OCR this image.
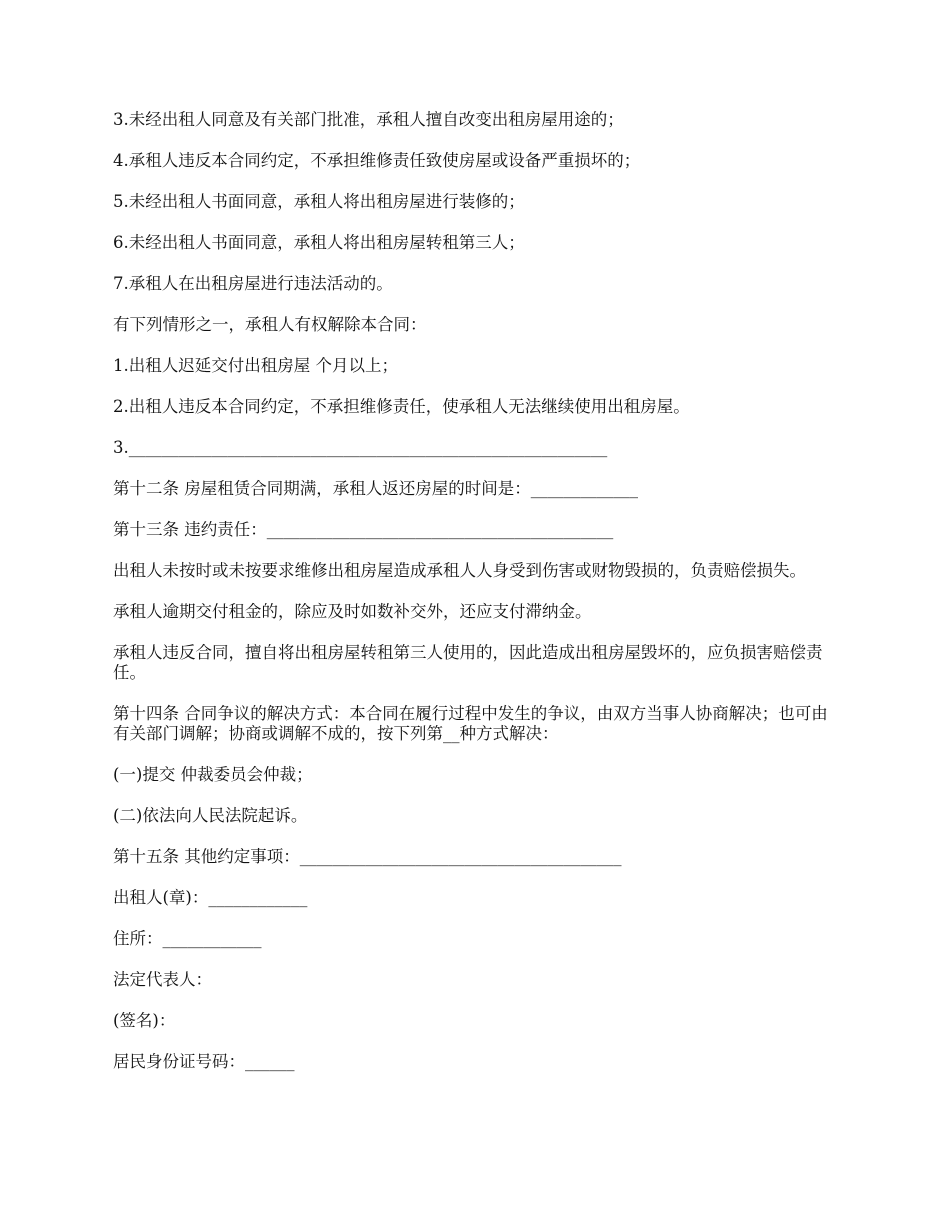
3.未经出租人同意及有关部门批准，承租人擅自改变出租房屋用途的；

4.承租人违反本合同约定，不承担维修责任致使房屋或设备严重损坏的；

5.未经出租人书面同意，承租人将出租房屋进行装修的；

6.未经出租人书面同意，承租人将出租房屋转租第三人；

7.承租人在出租房屋进行违法活动的。

有下列情形之一，承租人有权解除本合同：

1.出租人迟延交付出租房屋 个月以上；

2.出租人违反本合同约定，不承担维修责任，使承租人无法继续使用出租房屋。

3.__________________________________________________________

第十二条 房屋租赁合同期满，承租人返还房屋的时间是：_____________

第十三条 违约责任：__________________________________________

出租人未按时或未按要求维修出租房屋造成承租人人身受到伤害或财物毁损的，负责赔偿损失。

承租人逾期交付租金的，除应及时如数补交外，还应支付滞纳金。

承租人违反合同，擅自将出租房屋转租第三人使用的，因此造成出租房屋毁坏的，应负损害赔偿责任。

第十四条 合同争议的解决方式：本合同在履行过程中发生的争议，由双方当事人协商解决；也可由有关部门调解；协商或调解不成的，按下列第__种方式解决：

(一)提交 仲裁委员会仲裁；

(二)依法向人民法院起诉。

第十五条 其他约定事项：_______________________________________

出租人(章)：____________

住所：____________

法定代表人：

(签名)：

居民身份证号码：______
